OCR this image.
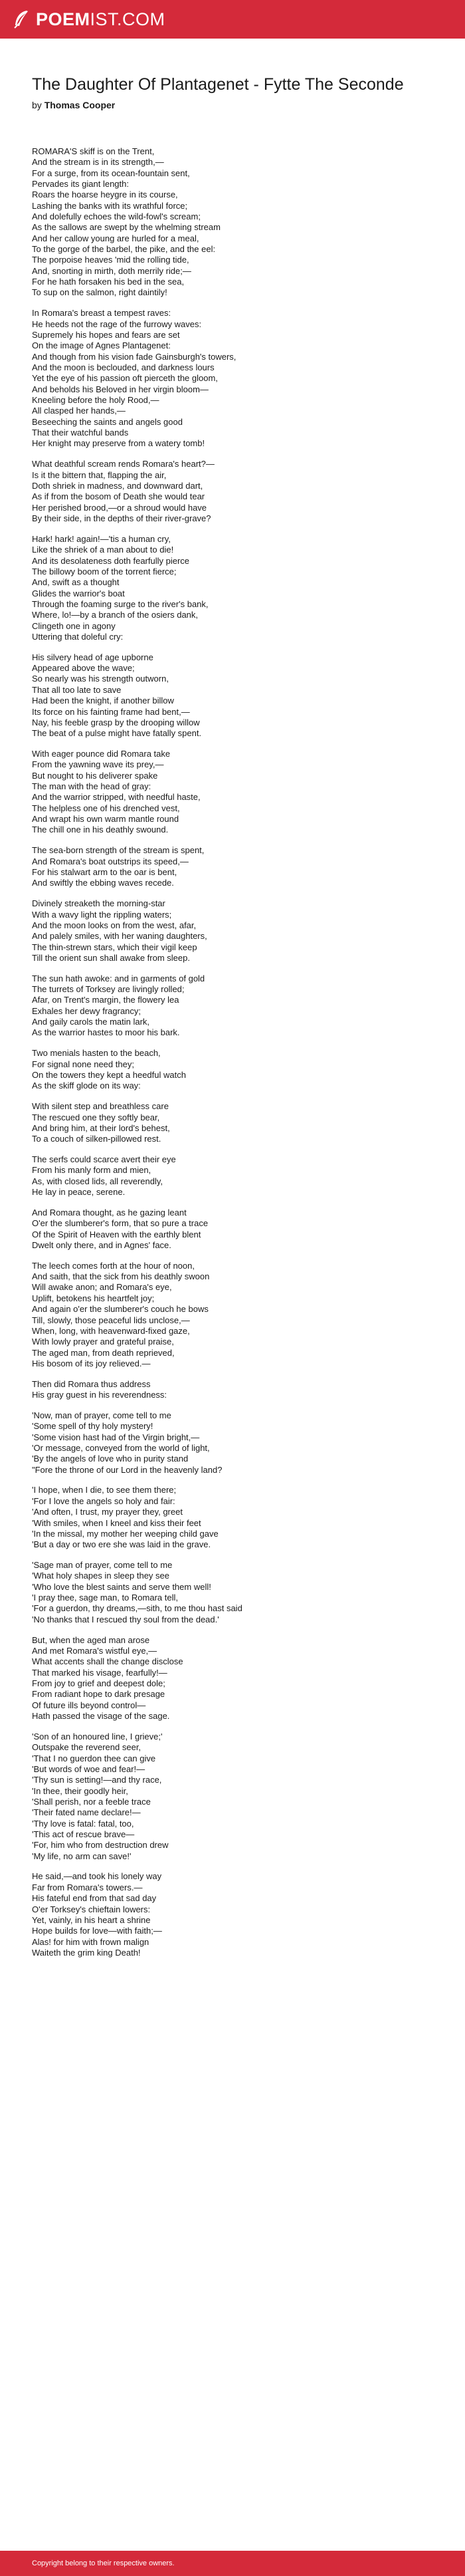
POEMIST.COM
The Daughter Of Plantagenet - Fytte The Seconde
by Thomas Cooper
ROMARA'S skiff is on the Trent,
And the stream is in its strength,—
For a surge, from its ocean-fountain sent,
Pervades its giant length:
Roars the hoarse heygre in its course,
Lashing the banks with its wrathful force;
And dolefully echoes the wild-fowl's scream;
As the sallows are swept by the whelming stream
And her callow young are hurled for a meal,
To the gorge of the barbel, the pike, and the eel:
The porpoise heaves 'mid the rolling tide,
And, snorting in mirth, doth merrily ride;—
For he hath forsaken his bed in the sea,
To sup on the salmon, right daintily!
In Romara's breast a tempest raves:
He heeds not the rage of the furrowy waves:
Supremely his hopes and fears are set
On the image of Agnes Plantagenet:
And though from his vision fade Gainsburgh's towers,
And the moon is beclouded, and darkness lours
Yet the eye of his passion oft pierceth the gloom,
And beholds his Beloved in her virgin bloom—
Kneeling before the holy Rood,—
All clasped her hands,—
Beseeching the saints and angels good
That their watchful bands
Her knight may preserve from a watery tomb!
What deathful scream rends Romara's heart?—
Is it the bittern that, flapping the air,
Doth shriek in madness, and downward dart,
As if from the bosom of Death she would tear
Her perished brood,—or a shroud would have
By their side, in the depths of their river-grave?
Hark! hark! again!—'tis a human cry,
Like the shriek of a man about to die!
And its desolateness doth fearfully pierce
The billowy boom of the torrent fierce;
And, swift as a thought
Glides the warrior's boat
Through the foaming surge to the river's bank,
Where, lo!—by a branch of the osiers dank,
Clingeth one in agony
Uttering that doleful cry:
His silvery head of age upborne
Appeared above the wave;
So nearly was his strength outworn,
That all too late to save
Had been the knight, if another billow
Its force on his fainting frame had bent,—
Nay, his feeble grasp by the drooping willow
The beat of a pulse might have fatally spent.
With eager pounce did Romara take
From the yawning wave its prey,—
But nought to his deliverer spake
The man with the head of gray:
And the warrior stripped, with needful haste,
The helpless one of his drenched vest,
And wrapt his own warm mantle round
The chill one in his deathly swound.
The sea-born strength of the stream is spent,
And Romara's boat outstrips its speed,—
For his stalwart arm to the oar is bent,
And swiftly the ebbing waves recede.
Divinely streaketh the morning-star
With a wavy light the rippling waters;
And the moon looks on from the west, afar,
And palely smiles, with her waning daughters,
The thin-strewn stars, which their vigil keep
Till the orient sun shall awake from sleep.
The sun hath awoke: and in garments of gold
The turrets of Torksey are livingly rolled;
Afar, on Trent's margin, the flowery lea
Exhales her dewy fragrancy;
And gaily carols the matin lark,
As the warrior hastes to moor his bark.
Two menials hasten to the beach,
For signal none need they;
On the towers they kept a heedful watch
As the skiff glode on its way:
With silent step and breathless care
The rescued one they softly bear,
And bring him, at their lord's behest,
To a couch of silken-pillowed rest.
The serfs could scarce avert their eye
From his manly form and mien,
As, with closed lids, all reverendly,
He lay in peace, serene.
And Romara thought, as he gazing leant
O'er the slumberer's form, that so pure a trace
Of the Spirit of Heaven with the earthly blent
Dwelt only there, and in Agnes' face.
The leech comes forth at the hour of noon,
And saith, that the sick from his deathly swoon
Will awake anon; and Romara's eye,
Uplift, betokens his heartfelt joy;
And again o'er the slumberer's couch he bows
Till, slowly, those peaceful lids unclose,—
When, long, with heavenward-fixed gaze,
With lowly prayer and grateful praise,
The aged man, from death reprieved,
His bosom of its joy relieved.—
Then did Romara thus address
His gray guest in his reverendness:
'Now, man of prayer, come tell to me
'Some spell of thy holy mystery!
'Some vision hast had of the Virgin bright,—
'Or message, conveyed from the world of light,
'By the angels of love who in purity stand
"Fore the throne of our Lord in the heavenly land?
'I hope, when I die, to see them there;
'For I love the angels so holy and fair:
'And often, I trust, my prayer they, greet
'With smiles, when I kneel and kiss their feet
'In the missal, my mother her weeping child gave
'But a day or two ere she was laid in the grave.
'Sage man of prayer, come tell to me
'What holy shapes in sleep they see
'Who love the blest saints and serve them well!
'I pray thee, sage man, to Romara tell,
'For a guerdon, thy dreams,—sith, to me thou hast said
'No thanks that I rescued thy soul from the dead.'
But, when the aged man arose
And met Romara's wistful eye,—
What accents shall the change disclose
That marked his visage, fearfully!—
From joy to grief and deepest dole;
From radiant hope to dark presage
Of future ills beyond control—
Hath passed the visage of the sage.
'Son of an honoured line, I grieve;'
Outspake the reverend seer,
'That I no guerdon thee can give
'But words of woe and fear!—
'Thy sun is setting!—and thy race,
'In thee, their goodly heir,
'Shall perish, nor a feeble trace
'Their fated name declare!—
'Thy love is fatal: fatal, too,
'This act of rescue brave—
'For, him who from destruction drew
'My life, no arm can save!'
He said,—and took his lonely way
Far from Romara's towers.—
His fateful end from that sad day
O'er Torksey's chieftain lowers:
Yet, vainly, in his heart a shrine
Hope builds for love—with faith;—
Alas! for him with frown malign
Waiteth the grim king Death!
Copyright belong to their respective owners.
